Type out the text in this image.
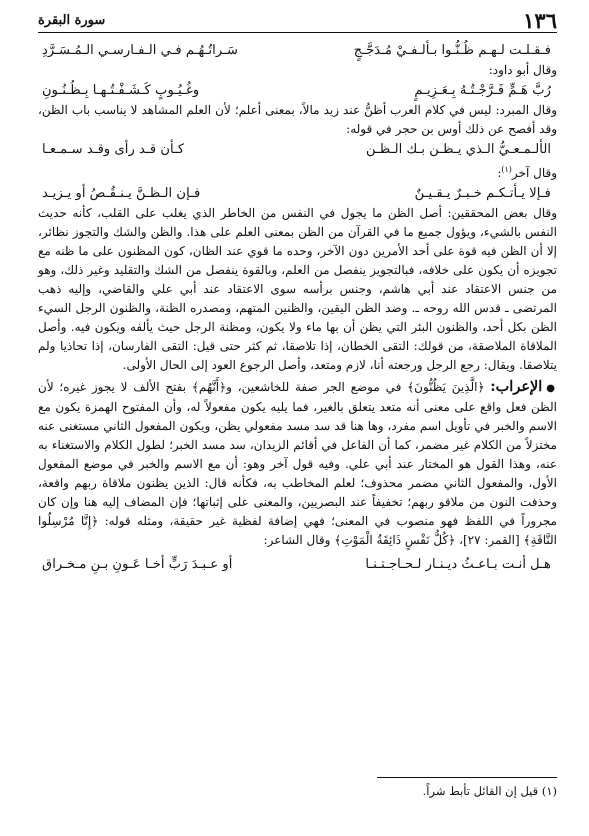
١٣٦
سورة البقرة
فـقـلـت لـهـم ظُـنُّـوا بـألـفـيْ مُـدَجَّـجٍ
سَـراتُـهُـم فـي الـفـارسـي الـمُـسَـرَّدِ

وقال أبو داود:

رُبَّ هَـمٍّ فَـرَّجْـتُـهُ بِـعَـزِيـمٍ
وغُـيُـوبٍ كَـشَـفْـتُـهـا بِـظُـنُـونِ

وقال المبرد: ليس في كلام العرب أظنُّ عند زيد مالاً، بمعنى أعلم؛ لأن العلم المشاهد لا يناسب باب الظن، وقد أفصح عن ذلك أوس بن حجر في قوله:

الألـمـعـيُّ الـذي يـظـن بـك الـظـن
كـأن قـد رأى وقـد سـمـعـا

وقال آخر$^{(١)}$:

فـإلا يـأتـكـم خـبـرٌ يـقـيـنٌ
فـإن الـظـنَّ يـنـقُـصُ أو يـزيـد

وقال بعض المحققين: أصل الظن ما يجول في النفس من الخاطر الذي يغلب على القلب، كأنه حديث النفس بالشيء، ويؤول جميع ما في القرآن من الظن بمعنى العلم على هذا. والظن والشك والتجوز نظائر، إلا أن الظن فيه قوة على أحد الأمرين دون الآخر، وحده ما قوي عند الظان، كون المظنون على ما ظنه مع تجويزه أن يكون على خلافه، فبالتجويز ينفصل من العلم، وبالقوة ينفصل من الشك والتقليد وغير ذلك، وهو من جنس الاعتقاد عند أبي هاشم، وجنس برأسه سوى الاعتقاد عند أبي علي والقاضي، وإليه ذهب المرتضى ـ قدس الله روحه ـ. وضد الظن اليقين، والظنين المتهم، ومصدره الظنة، والظنون الرجل السيء الظن بكل أحد، والظنون البئر التي يظن أن بها ماء ولا يكون، ومظنة الرجل حيث يألفه ويكون فيه. وأصل الملاقاة الملاصقة، من قولك: التقى الخطان، إذا تلاصقا، ثم كثر حتى قيل: التقى الفارسان، إذا تحاذيا ولم يتلاصقا. ويقال: رجع الرجل ورجعته أنا، لازم ومتعد، وأصل الرجوع العود إلى الحال الأولى.

●الإعراب: ﴿الَّذِينَ يَظُنُّونَ﴾ في موضع الجر صفة للخاشعين، و﴿أَنَّهُم﴾ بفتح الألف لا يجوز غيره؛ لأن الظن فعل واقع على معنى أنه متعد يتعلق بالغير، فما يليه يكون مفعولاً له، وأن المفتوح الهمزة يكون مع الاسم والخبر في تأويل اسم مفرد، وها هنا قد سد مسد مفعولي يظن، ويكون المفعول الثاني مستغنى عنه مختزلاً من الكلام غير مضمر، كما أن الفاعل في أقائم الزيدان، سد مسد الخبر؛ لطول الكلام والاستغناء به عنه، وهذا القول هو المختار عند أبي علي. وفيه قول آخر وهو: أن مع الاسم والخبر في موضع المفعول الأول، والمفعول الثاني مضمر محذوف؛ لعلم المخاطب به، فكأنه قال: الذين يظنون ملاقاة ربهم واقعة، وحذفت النون من ملاقو ربهم؛ تخفيفاً عند البصريين، والمعنى على إثباتها؛ فإن المضاف إليه هنا وإن كان مجروراً في اللفظ فهو منصوب في المعنى؛ فهي إضافة لفظية غير حقيقة، ومثله قوله: ﴿إِنَّا مُرْسِلُوا النَّاقَةِ﴾ [القمر: ٢٧]، ﴿كُلُّ نَفْسٍ ذَائِقَةُ الْمَوْتِ﴾ وقال الشاعر:

هـل أنـت بـاعـثُ ديـنـار لـحـاجـتـنـا
أو عـبـدَ رَبٍّ أخـا عَـونِ بـنِ مـخـراق
(١) قيل إن القائل تأبط شراً.
